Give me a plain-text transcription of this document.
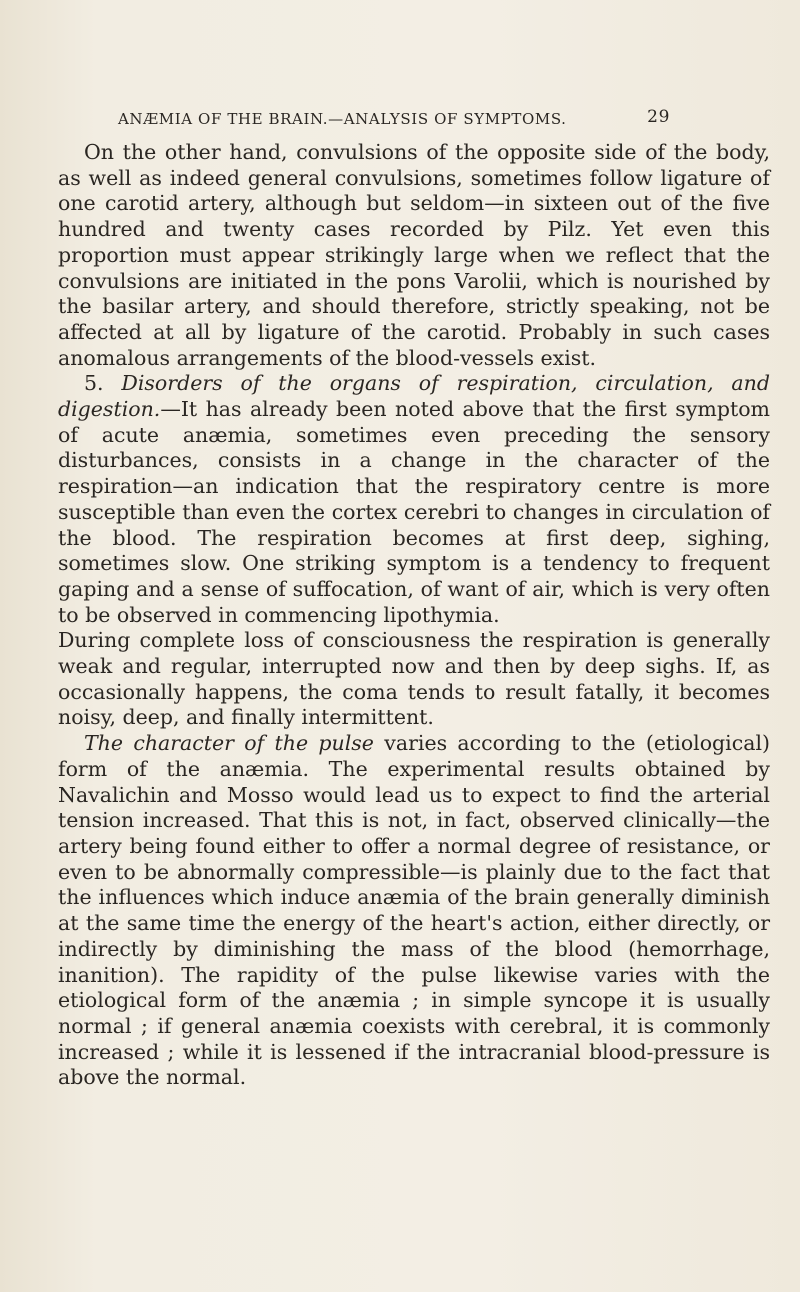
ANÆMIA OF THE BRAIN.—ANALYSIS OF SYMPTOMS.	29

On the other hand, convulsions of the opposite side of the body, as well as indeed general convulsions, sometimes follow ligature of one carotid artery, although but seldom—in sixteen out of the five hundred and twenty cases recorded by Pilz. Yet even this proportion must appear strikingly large when we reflect that the convulsions are initiated in the pons Varolii, which is nourished by the basilar artery, and should therefore, strictly speaking, not be affected at all by ligature of the carotid. Probably in such cases anomalous arrangements of the blood-vessels exist.

5. Disorders of the organs of respiration, circulation, and digestion.—It has already been noted above that the first symptom of acute anæmia, sometimes even preceding the sensory disturbances, consists in a change in the character of the respiration—an indication that the respiratory centre is more susceptible than even the cortex cerebri to changes in circulation of the blood. The respiration becomes at first deep, sighing, sometimes slow. One striking symptom is a tendency to frequent gaping and a sense of suffocation, of want of air, which is very often to be observed in commencing lipothymia.

During complete loss of consciousness the respiration is generally weak and regular, interrupted now and then by deep sighs. If, as occasionally happens, the coma tends to result fatally, it becomes noisy, deep, and finally intermittent.

The character of the pulse varies according to the (etiological) form of the anæmia. The experimental results obtained by Navalichin and Mosso would lead us to expect to find the arterial tension increased. That this is not, in fact, observed clinically—the artery being found either to offer a normal degree of resistance, or even to be abnormally compressible—is plainly due to the fact that the influences which induce anæmia of the brain generally diminish at the same time the energy of the heart's action, either directly, or indirectly by diminishing the mass of the blood (hemorrhage, inanition). The rapidity of the pulse likewise varies with the etiological form of the anæmia ; in simple syncope it is usually normal ; if general anæmia coexists with cerebral, it is commonly increased ; while it is lessened if the intracranial blood-pressure is above the normal.
